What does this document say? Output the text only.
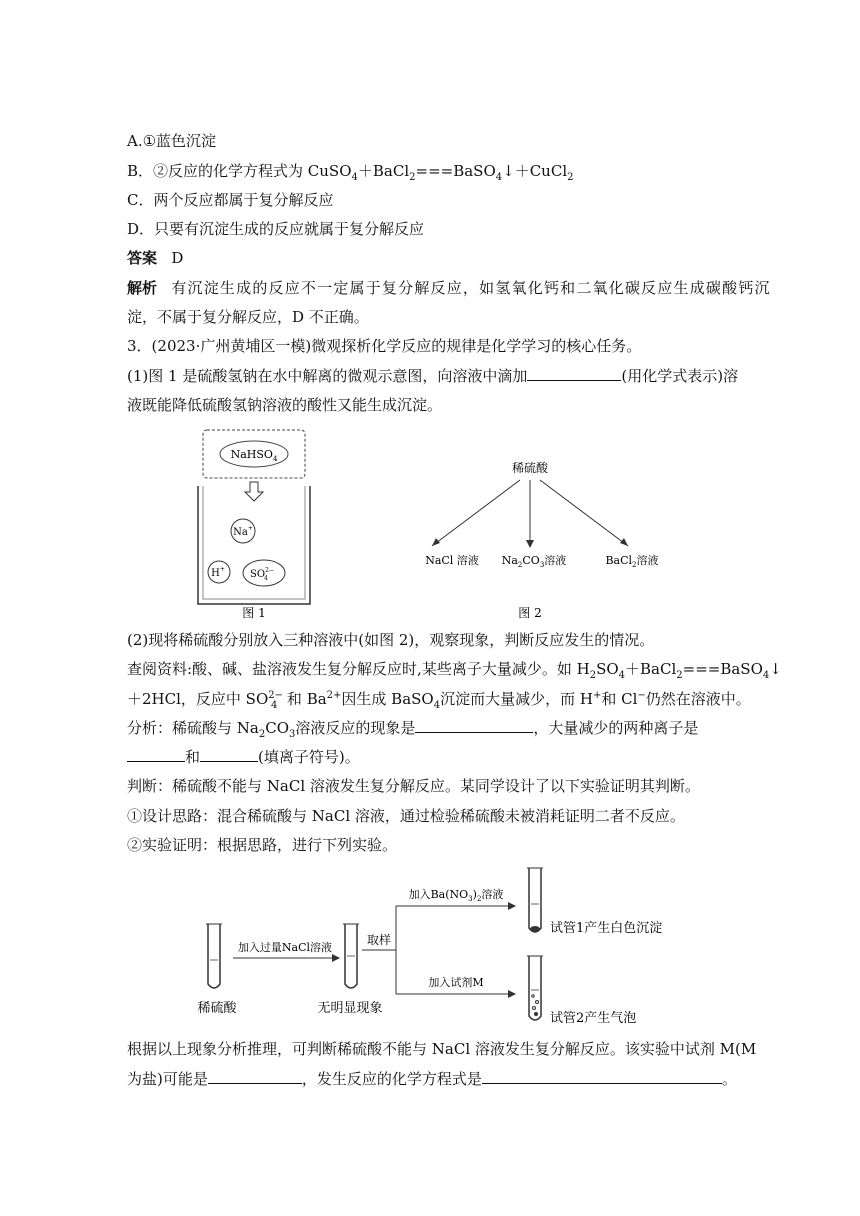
A.①蓝色沉淀
B．②反应的化学方程式为 CuSO$_4$＋BaCl$_2$===BaSO$_4$↓＋CuCl$_2$
C．两个反应都属于复分解反应
D．只要有沉淀生成的反应就属于复分解反应
答案 D
解析 有沉淀生成的反应不一定属于复分解反应，如氢氧化钙和二氧化碳反应生成碳酸钙沉
淀，不属于复分解反应，D 不正确。
3．(2023·广州黄埔区一模)微观探析化学反应的规律是化学学习的核心任务。
(1)图 1 是硫酸氢钠在水中解离的微观示意图，向溶液中滴加	(用化学式表示)溶
液既能降低硫酸氢钠溶液的酸性又能生成沉淀。
NaHSO$_4$
Na+
H+	$SO^{2-}$ 4
图 1
稀硫酸
NaCl 溶液 $Na_2CO_3$溶液	BaCl$_2$溶液
图 2
(2)现将稀硫酸分别放入三种溶液中(如图 2)，观察现象，判断反应发生的情况。
查阅资料:酸、碱、盐溶液发生复分解反应时,某些离子大量减少。如 $H_2SO_4+BaCl_2===BaSO_4↓$
＋2HCl，反应中 $SO^{2-}_4$ 和 $Ba^{2+}$因生成 BaSO$_4$沉淀而大量减少，而 H+和 Cl−仍然在溶液中。
分析：稀硫酸与 $Na_2CO_3$溶液反应的现象是	，大量减少的两种离子是
和	(填离子符号)。
判断：稀硫酸不能与 NaCl 溶液发生复分解反应。某同学设计了以下实验证明其判断。
①设计思路：混合稀硫酸与 NaCl 溶液，通过检验稀硫酸未被消耗证明二者不反应。
②实验证明：根据思路，进行下列实验。
稀硫酸
加入过量NaCl溶液
无明显现象
取样
加入$Ba(NO_3)_2$溶液
加入试剂M
试管1产生白色沉淀
试管2产生气泡
根据以上现象分析推理，可判断稀硫酸不能与 NaCl 溶液发生复分解反应。该实验中试剂 M(M
为盐)可能是	，发生反应的化学方程式是	。
